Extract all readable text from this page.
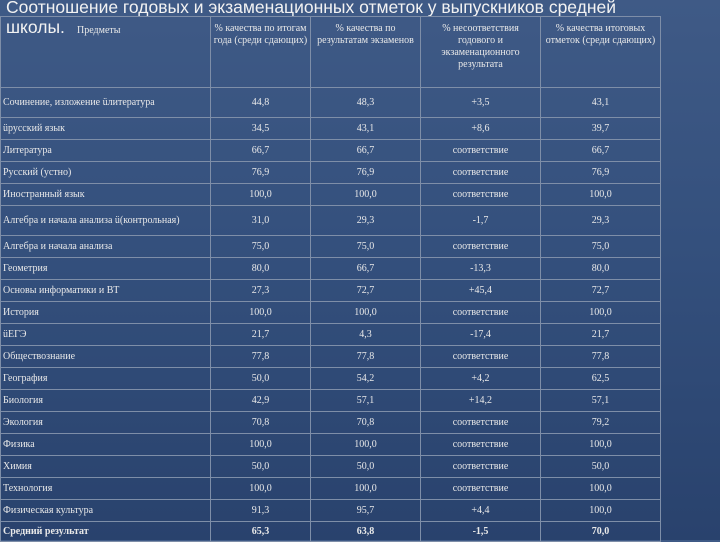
Соотношение годовых и экзаменационных отметок у выпускников средней
школы.	Предметы	% качества по итогам года (среди сдающих)	% качества по результатам экзаменов	% несоответствия годового и экзаменационного результата	% качества итоговых отметок (среди сдающих)
Сочинение, изложение üлитература	44,8	48,3	+3,5	43,1
üрусский язык	34,5	43,1	+8,6	39,7
Литература	66,7	66,7	соответствие	66,7
Русский (устно)	76,9	76,9	соответствие	76,9
Иностранный язык	100,0	100,0	соответствие	100,0
Алгебра и начала анализа ü(контрольная)	31,0	29,3	-1,7	29,3
Алгебра и начала анализа	75,0	75,0	соответствие	75,0
Геометрия	80,0	66,7	-13,3	80,0
Основы информатики и ВТ	27,3	72,7	+45,4	72,7
История	100,0	100,0	соответствие	100,0
üЕГЭ	21,7	4,3	-17,4	21,7
Обществознание	77,8	77,8	соответствие	77,8
География	50,0	54,2	+4,2	62,5
Биология	42,9	57,1	+14,2	57,1
Экология	70,8	70,8	соответствие	79,2
Физика	100,0	100,0	соответствие	100,0
Химия	50,0	50,0	соответствие	50,0
Технология	100,0	100,0	соответствие	100,0
Физическая культура	91,3	95,7	+4,4	100,0
Средний результат	65,3	63,8	-1,5	70,0
